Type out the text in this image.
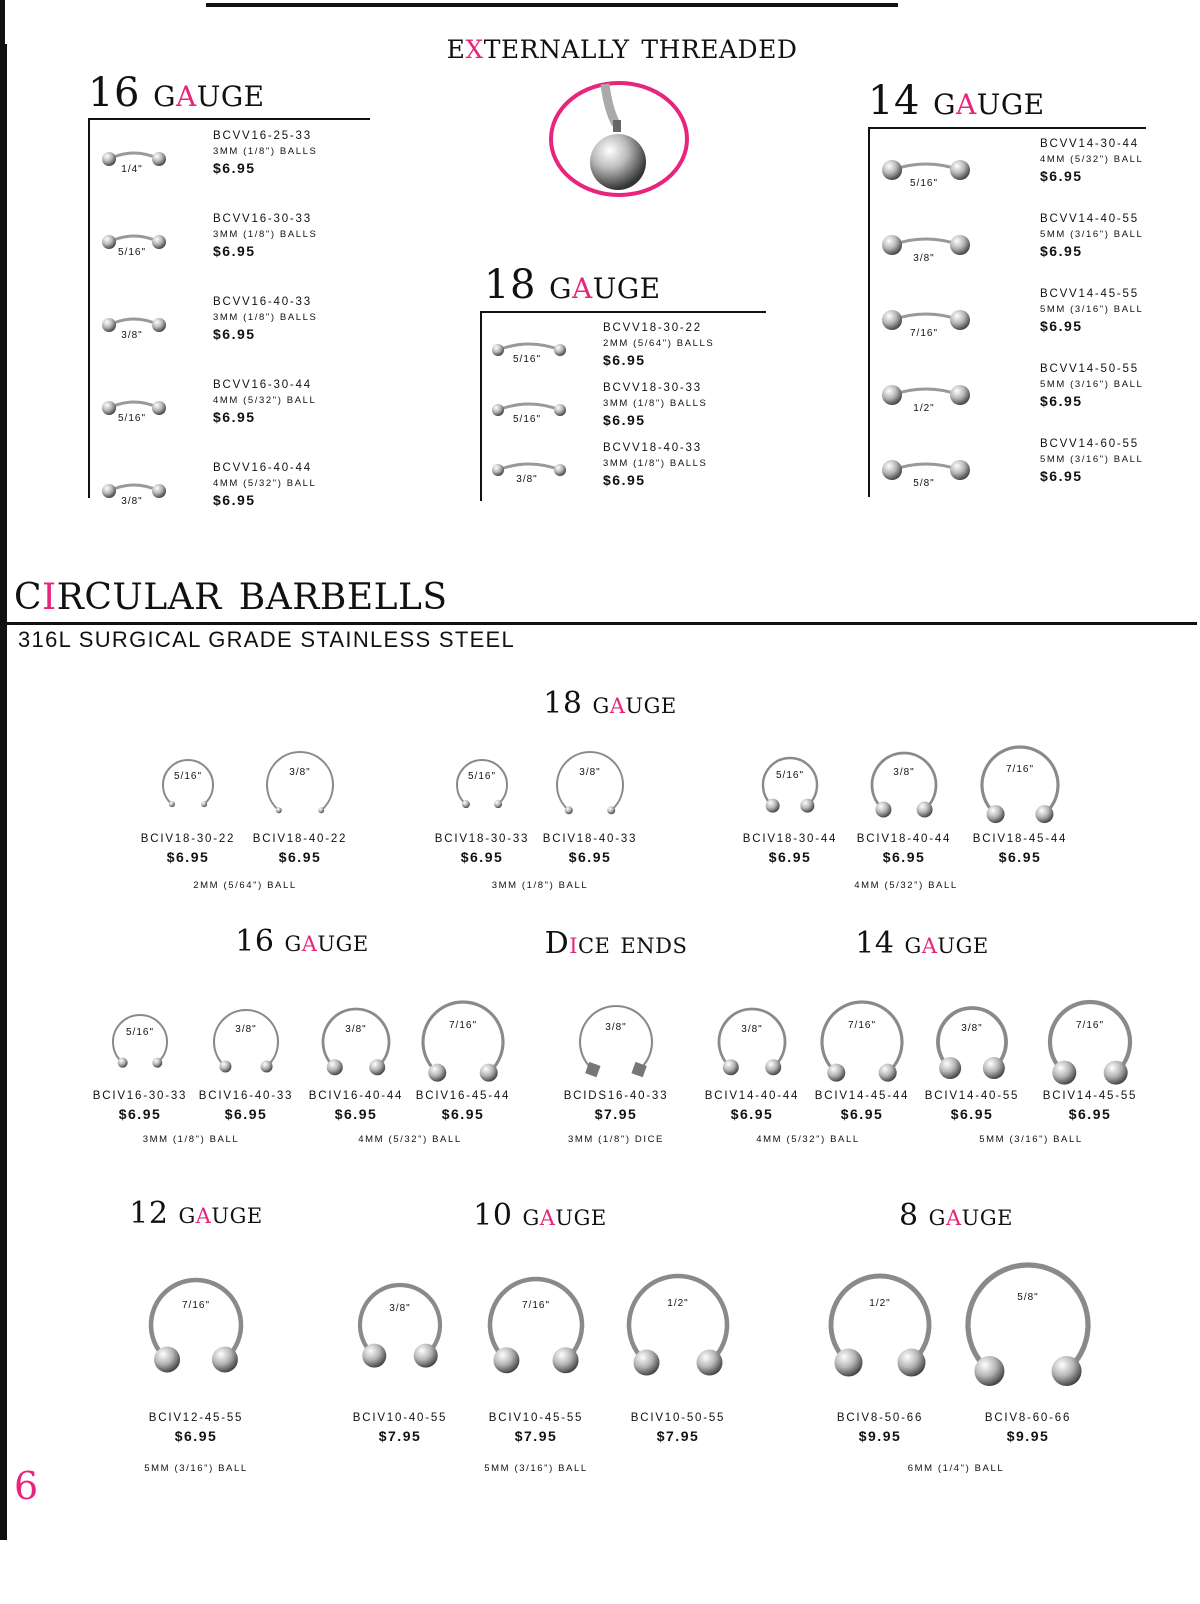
externally threaded
16 gauge
18 gauge
14 gauge
1/4"
BCVV16-25-33
3MM (1/8") BALLS
$6.95
5/16"
BCVV16-30-33
3MM (1/8") BALLS
$6.95
3/8"
BCVV16-40-33
3MM (1/8") BALLS
$6.95
5/16"
BCVV16-30-44
4MM (5/32") BALL
$6.95
3/8"
BCVV16-40-44
4MM (5/32") BALL
$6.95
5/16"
BCVV18-30-22
2MM (5/64") BALLS
$6.95
5/16"
BCVV18-30-33
3MM (1/8") BALLS
$6.95
3/8"
BCVV18-40-33
3MM (1/8") BALLS
$6.95
5/16"
BCVV14-30-44
4MM (5/32") BALL
$6.95
3/8"
BCVV14-40-55
5MM (3/16") BALL
$6.95
7/16"
BCVV14-45-55
5MM (3/16") BALL
$6.95
1/2"
BCVV14-50-55
5MM (3/16") BALL
$6.95
5/8"
BCVV14-60-55
5MM (3/16") BALL
$6.95
circular barbells
316L SURGICAL GRADE STAINLESS STEEL
18 gauge
16 gauge	Dice ends	14 gauge
12 gauge	10 gauge	8 gauge
5/16"
BCIV18-30-22
$6.95
3/8"
BCIV18-40-22
$6.95
5/16"
BCIV18-30-33
$6.95
3/8"
BCIV18-40-33
$6.95
5/16"
BCIV18-30-44
$6.95
3/8"
BCIV18-40-44
$6.95
7/16"
BCIV18-45-44
$6.95
2MM (5/64") BALL	3MM (1/8") BALL	4MM (5/32") BALL
5/16"
BCIV16-30-33
$6.95
3/8"
BCIV16-40-33
$6.95
3/8"
BCIV16-40-44
$6.95
7/16"
BCIV16-45-44
$6.95
3/8"
BCIDS16-40-33
$7.95
3/8"
BCIV14-40-44
$6.95
7/16"
BCIV14-45-44
$6.95
3/8"
BCIV14-40-55
$6.95
7/16"
BCIV14-45-55
$6.95
3MM (1/8") BALL	4MM (5/32") BALL	3MM (1/8") DICE	4MM (5/32") BALL	5MM (3/16") BALL
7/16"
BCIV12-45-55
$6.95
3/8"
BCIV10-40-55
$7.95
7/16"
BCIV10-45-55
$7.95
1/2"
BCIV10-50-55
$7.95
1/2"
BCIV8-50-66
$9.95
5/8"
BCIV8-60-66
$9.95
5MM (3/16") BALL	5MM (3/16") BALL	6MM (1/4") BALL
6
